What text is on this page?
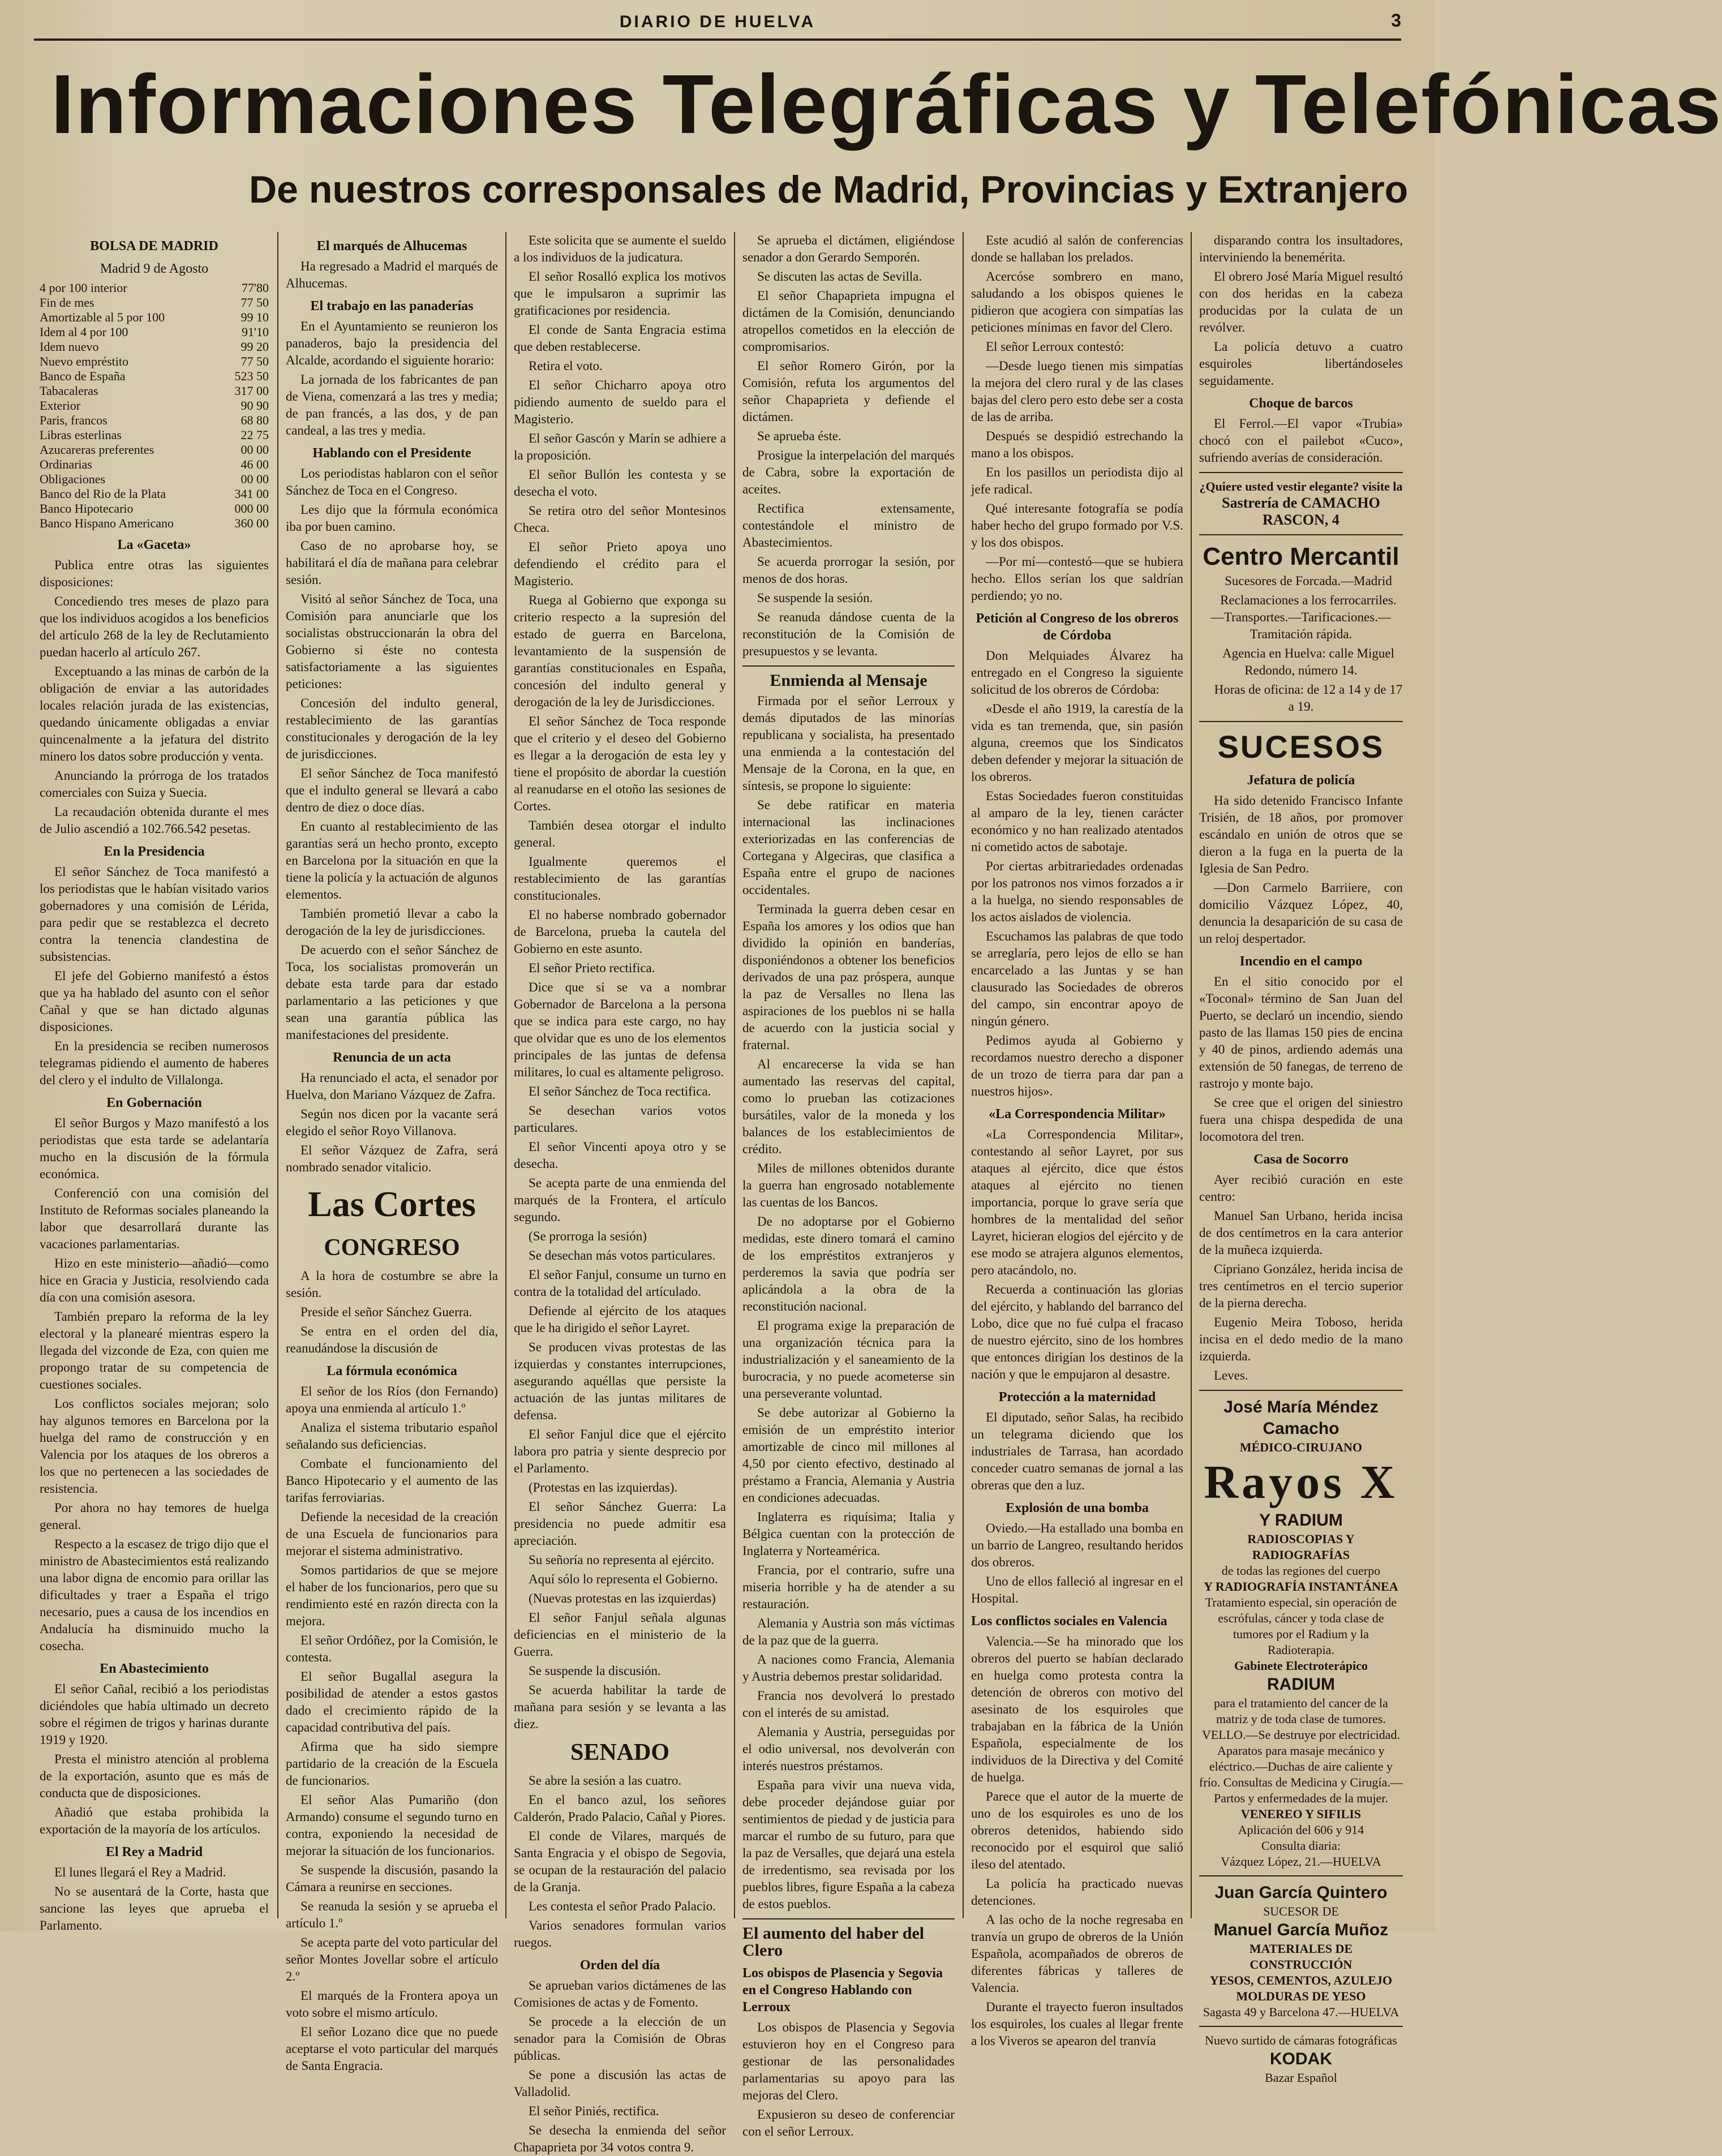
DIARIO DE HUELVA	3
Informaciones Telegráficas y Telefónicas
De nuestros corresponsales de Madrid, Provincias y Extranjero
BOLSA DE MADRID
Madrid 9 de Agosto
4 por 100 interior	77'80
Fin de mes	77 50
Amortizable al 5 por 100	99 10
Idem al 4 por 100	91'10
Idem nuevo	99 20
Nuevo empréstito	77 50
Banco de España	523 50
Tabacaleras	317 00
Exterior	90 90
Paris, francos	68 80
Libras esterlinas	22 75
Azucareras preferentes	00 00
Ordinarias	46 00
Obligaciones	00 00
Banco del Rio de la Plata	341 00
Banco Hipotecario	000 00
Banco Hispano Americano	360 00
La «Gaceta»

Publica entre otras las siguientes disposiciones:

Concediendo tres meses de plazo para que los individuos acogidos a los beneficios del artículo 268 de la ley de Reclutamiento puedan hacerlo al artículo 267.

Exceptuando a las minas de carbón de la obligación de enviar a las autoridades locales relación jurada de las existencias, quedando únicamente obligadas a enviar quincenalmente a la jefatura del distrito minero los datos sobre producción y venta.

Anunciando la prórroga de los tratados comerciales con Suiza y Suecia.

La recaudación obtenida durante el mes de Julio ascendió a 102.766.542 pesetas.

En la Presidencia

El señor Sánchez de Toca manifestó a los periodistas que le habían visitado varios gobernadores y una comisión de Lérida, para pedir que se restablezca el decreto contra la tenencia clandestina de subsistencias.

El jefe del Gobierno manifestó a éstos que ya ha hablado del asunto con el señor Cañal y que se han dictado algunas disposiciones.

En la presidencia se reciben numerosos telegramas pidiendo el aumento de haberes del clero y el indulto de Villalonga.

En Gobernación

El señor Burgos y Mazo manifestó a los periodistas que esta tarde se adelantaría mucho en la discusión de la fórmula económica.

Conferenció con una comisión del Instituto de Reformas sociales planeando la labor que desarrollará durante las vacaciones parlamentarias.

Hizo en este ministerio—añadió—como hice en Gracia y Justicia, resolviendo cada día con una comisión asesora.

También preparo la reforma de la ley electoral y la planearé mientras espero la llegada del vizconde de Eza, con quien me propongo tratar de su competencia de cuestiones sociales.

Los conflictos sociales mejoran; solo hay algunos temores en Barcelona por la huelga del ramo de construcción y en Valencia por los ataques de los obreros a los que no pertenecen a las sociedades de resistencia.

Por ahora no hay temores de huelga general.

Respecto a la escasez de trigo dijo que el ministro de Abastecimientos está realizando una labor digna de encomio para orillar las dificultades y traer a España el trigo necesario, pues a causa de los incendios en Andalucía ha disminuido mucho la cosecha.

En Abastecimiento

El señor Cañal, recibió a los periodistas diciéndoles que había ultimado un decreto sobre el régimen de trigos y harinas durante 1919 y 1920.

Presta el ministro atención al problema de la exportación, asunto que es más de conducta que de disposiciones.

Añadió que estaba prohibida la exportación de la mayoría de los artículos.

El Rey a Madrid

El lunes llegará el Rey a Madrid.

No se ausentará de la Corte, hasta que sancione las leyes que aprueba el Parlamento.

El marqués de Alhucemas

Ha regresado a Madrid el marqués de Alhucemas.

El trabajo en las panaderías

En el Ayuntamiento se reunieron los panaderos, bajo la presidencia del Alcalde, acordando el siguiente horario:

La jornada de los fabricantes de pan de Viena, comenzará a las tres y media; de pan francés, a las dos, y de pan candeal, a las tres y media.

Hablando con el Presidente

Los periodistas hablaron con el señor Sánchez de Toca en el Congreso.

Les dijo que la fórmula económica iba por buen camino.

Caso de no aprobarse hoy, se habilitará el día de mañana para celebrar sesión.

Visitó al señor Sánchez de Toca, una Comisión para anunciarle que los socialistas obstruccionarán la obra del Gobierno si éste no contesta satisfactoriamente a las siguientes peticiones:

Concesión del indulto general, restablecimiento de las garantías constitucionales y derogación de la ley de jurisdicciones.

El señor Sánchez de Toca manifestó que el indulto general se llevará a cabo dentro de diez o doce días.

En cuanto al restablecimiento de las garantías será un hecho pronto, excepto en Barcelona por la situación en que la tiene la policía y la actuación de algunos elementos.

También prometió llevar a cabo la derogación de la ley de jurisdicciones.

De acuerdo con el señor Sánchez de Toca, los socialistas promoverán un debate esta tarde para dar estado parlamentario a las peticiones y que sean una garantía pública las manifestaciones del presidente.

Renuncia de un acta

Ha renunciado el acta, el senador por Huelva, don Mariano Vázquez de Zafra.

Según nos dicen por la vacante será elegido el señor Royo Villanova.

El señor Vázquez de Zafra, será nombrado senador vitalicio.

Las Cortes
CONGRESO

A la hora de costumbre se abre la sesión.

Preside el señor Sánchez Guerra.

Se entra en el orden del día, reanudándose la discusión de

La fórmula económica

El señor de los Ríos (don Fernando) apoya una enmienda al artículo 1.º

Analiza el sistema tributario español señalando sus deficiencias.

Combate el funcionamiento del Banco Hipotecario y el aumento de las tarifas ferroviarias.

Defiende la necesidad de la creación de una Escuela de funcionarios para mejorar el sistema administrativo.

Somos partidarios de que se mejore el haber de los funcionarios, pero que su rendimiento esté en razón directa con la mejora.

El señor Ordóñez, por la Comisión, le contesta.

El señor Bugallal asegura la posibilidad de atender a estos gastos dado el crecimiento rápido de la capacidad contributiva del país.

Afirma que ha sido siempre partidario de la creación de la Escuela de funcionarios.

El señor Alas Pumariño (don Armando) consume el segundo turno en contra, exponiendo la necesidad de mejorar la situación de los funcionarios.

Se suspende la discusión, pasando la Cámara a reunirse en secciones.

Se reanuda la sesión y se aprueba el artículo 1.º

Se acepta parte del voto particular del señor Montes Jovellar sobre el artículo 2.º

El marqués de la Frontera apoya un voto sobre el mismo artículo.

El señor Lozano dice que no puede aceptarse el voto particular del marqués de Santa Engracia.

Este solicita que se aumente el sueldo a los individuos de la judicatura.

El señor Rosalló explica los motivos que le impulsaron a suprimir las gratificaciones por residencia.

El conde de Santa Engracia estima que deben restablecerse.

Retira el voto.

El señor Chicharro apoya otro pidiendo aumento de sueldo para el Magisterio.

El señor Gascón y Marín se adhiere a la proposición.

El señor Bullón les contesta y se desecha el voto.

Se retira otro del señor Montesinos Checa.

El señor Prieto apoya uno defendiendo el crédito para el Magisterio.

Ruega al Gobierno que exponga su criterio respecto a la supresión del estado de guerra en Barcelona, levantamiento de la suspensión de garantías constitucionales en España, concesión del indulto general y derogación de la ley de Jurisdicciones.

El señor Sánchez de Toca responde que el criterio y el deseo del Gobierno es llegar a la derogación de esta ley y tiene el propósito de abordar la cuestión al reanudarse en el otoño las sesiones de Cortes.

También desea otorgar el indulto general.

Igualmente queremos el restablecimiento de las garantías constitucionales.

El no haberse nombrado gobernador de Barcelona, prueba la cautela del Gobierno en este asunto.

El señor Prieto rectifica.

Dice que si se va a nombrar Gobernador de Barcelona a la persona que se indica para este cargo, no hay que olvidar que es uno de los elementos principales de las juntas de defensa militares, lo cual es altamente peligroso.

El señor Sánchez de Toca rectifica.

Se desechan varios votos particulares.

El señor Vincenti apoya otro y se desecha.

Se acepta parte de una enmienda del marqués de la Frontera, el artículo segundo.

(Se prorroga la sesión)

Se desechan más votos particulares.

El señor Fanjul, consume un turno en contra de la totalidad del artículado.

Defiende al ejército de los ataques que le ha dirigido el señor Layret.

Se producen vivas protestas de las izquierdas y constantes interrupciones, asegurando aquéllas que persiste la actuación de las juntas militares de defensa.

El señor Fanjul dice que el ejército labora pro patria y siente desprecio por el Parlamento.

(Protestas en las izquierdas).

El señor Sánchez Guerra: La presidencia no puede admitir esa apreciación.

Su señoría no representa al ejército.

Aquí sólo lo representa el Gobierno.

(Nuevas protestas en las izquierdas)

El señor Fanjul señala algunas deficiencias en el ministerio de la Guerra.

Se suspende la discusión.

Se acuerda habilitar la tarde de mañana para sesión y se levanta a las diez.

SENADO

Se abre la sesión a las cuatro.

En el banco azul, los señores Calderón, Prado Palacio, Cañal y Piores.

El conde de Vilares, marqués de Santa Engracia y el obispo de Segovia, se ocupan de la restauración del palacio de la Granja.

Les contesta el señor Prado Palacio.

Varios senadores formulan varios ruegos.

Orden del día

Se aprueban varios dictámenes de las Comisiones de actas y de Fomento.

Se procede a la elección de un senador para la Comisión de Obras públicas.

Se pone a discusión las actas de Valladolid.

El señor Piniés, rectifica.

Se desecha la enmienda del señor Chapaprieta por 34 votos contra 9.

Se aprueba el dictámen, eligiéndose senador a don Gerardo Semporén.

Se discuten las actas de Sevilla.

El señor Chapaprieta impugna el dictámen de la Comisión, denunciando atropellos cometidos en la elección de compromisarios.

El señor Romero Girón, por la Comisión, refuta los argumentos del señor Chapaprieta y defiende el dictámen.

Se aprueba éste.

Prosigue la interpelación del marqués de Cabra, sobre la exportación de aceites.

Rectifica extensamente, contestándole el ministro de Abastecimientos.

Se acuerda prorrogar la sesión, por menos de dos horas.

Se suspende la sesión.

Se reanuda dándose cuenta de la reconstitución de la Comisión de presupuestos y se levanta.

Enmienda al Mensaje

Firmada por el señor Lerroux y demás diputados de las minorías republicana y socialista, ha presentado una enmienda a la contestación del Mensaje de la Corona, en la que, en síntesis, se propone lo siguiente:

Se debe ratificar en materia internacional las inclinaciones exteriorizadas en las conferencias de Cortegana y Algeciras, que clasifica a España entre el grupo de naciones occidentales.

Terminada la guerra deben cesar en España los amores y los odios que han dividido la opinión en banderías, disponiéndonos a obtener los beneficios derivados de una paz próspera, aunque la paz de Versalles no llena las aspiraciones de los pueblos ni se halla de acuerdo con la justicia social y fraternal.

Al encarecerse la vida se han aumentado las reservas del capital, como lo prueban las cotizaciones bursátiles, valor de la moneda y los balances de los establecimientos de crédito.

Miles de millones obtenidos durante la guerra han engrosado notablemente las cuentas de los Bancos.

De no adoptarse por el Gobierno medidas, este dinero tomará el camino de los empréstitos extranjeros y perderemos la savia que podría ser aplicándola a la obra de la reconstitución nacional.

El programa exige la preparación de una organización técnica para la industrialización y el saneamiento de la burocracia, y no puede acometerse sin una perseverante voluntad.

Se debe autorizar al Gobierno la emisión de un empréstito interior amortizable de cinco mil millones al 4,50 por ciento efectivo, destinado al préstamo a Francia, Alemania y Austria en condiciones adecuadas.

Inglaterra es riquísima; Italia y Bélgica cuentan con la protección de Inglaterra y Norteamérica.

Francia, por el contrario, sufre una miseria horrible y ha de atender a su restauración.

Alemania y Austria son más víctimas de la paz que de la guerra.

A naciones como Francia, Alemania y Austria debemos prestar solidaridad.

Francia nos devolverá lo prestado con el interés de su amistad.

Alemania y Austria, perseguidas por el odio universal, nos devolverán con interés nuestros préstamos.

España para vivir una nueva vida, debe proceder dejándose guiar por sentimientos de piedad y de justicia para marcar el rumbo de su futuro, para que la paz de Versalles, que dejará una estela de irredentismo, sea revisada por los pueblos libres, figure España a la cabeza de estos pueblos.

El aumento del haber del Clero
Los obispos de Plasencia y Segovia en el Congreso Hablando con Lerroux

Los obispos de Plasencia y Segovia estuvieron hoy en el Congreso para gestionar de las personalidades parlamentarias su apoyo para las mejoras del Clero.

Expusieron su deseo de conferenciar con el señor Lerroux.

Este acudió al salón de conferencias donde se hallaban los prelados.

Acercóse sombrero en mano, saludando a los obispos quienes le pidieron que acogiera con simpatías las peticiones mínimas en favor del Clero.

El señor Lerroux contestó:

—Desde luego tienen mis simpatías la mejora del clero rural y de las clases bajas del clero pero esto debe ser a costa de las de arriba.

Después se despidió estrechando la mano a los obispos.

En los pasillos un periodista dijo al jefe radical.

Qué interesante fotografía se podía haber hecho del grupo formado por V.S. y los dos obispos.

—Por mí—contestó—que se hubiera hecho. Ellos serían los que saldrían perdiendo; yo no.

Petición al Congreso de los obreros de Córdoba

Don Melquiades Álvarez ha entregado en el Congreso la siguiente solicitud de los obreros de Córdoba:

«Desde el año 1919, la carestía de la vida es tan tremenda, que, sin pasión alguna, creemos que los Sindicatos deben defender y mejorar la situación de los obreros.

Estas Sociedades fueron constituidas al amparo de la ley, tienen carácter económico y no han realizado atentados ni cometido actos de sabotaje.

Por ciertas arbitrariedades ordenadas por los patronos nos vimos forzados a ir a la huelga, no siendo responsables de los actos aislados de violencia.

Escuchamos las palabras de que todo se arreglaría, pero lejos de ello se han encarcelado a las Juntas y se han clausurado las Sociedades de obreros del campo, sin encontrar apoyo de ningún género.

Pedimos ayuda al Gobierno y recordamos nuestro derecho a disponer de un trozo de tierra para dar pan a nuestros hijos».

«La Correspondencia Militar»

«La Correspondencia Militar», contestando al señor Layret, por sus ataques al ejército, dice que éstos ataques al ejército no tienen importancia, porque lo grave sería que hombres de la mentalidad del señor Layret, hicieran elogios del ejército y de ese modo se atrajera algunos elementos, pero atacándolo, no.

Recuerda a continuación las glorias del ejército, y hablando del barranco del Lobo, dice que no fué culpa el fracaso de nuestro ejército, sino de los hombres que entonces dirigían los destinos de la nación y que le empujaron al desastre.

Protección a la maternidad

El diputado, señor Salas, ha recibido un telegrama diciendo que los industriales de Tarrasa, han acordado conceder cuatro semanas de jornal a las obreras que den a luz.

Explosión de una bomba

Oviedo.—Ha estallado una bomba en un barrio de Langreo, resultando heridos dos obreros.

Uno de ellos falleció al ingresar en el Hospital.

Los conflictos sociales en Valencia

Valencia.—Se ha minorado que los obreros del puerto se habían declarado en huelga como protesta contra la detención de obreros con motivo del asesinato de los esquiroles que trabajaban en la fábrica de la Unión Española, especialmente de los individuos de la Directiva y del Comité de huelga.

Parece que el autor de la muerte de uno de los esquiroles es uno de los obreros detenidos, habiendo sido reconocido por el esquirol que salió ileso del atentado.

La policía ha practicado nuevas detenciones.

A las ocho de la noche regresaba en tranvía un grupo de obreros de la Unión Española, acompañados de obreros de diferentes fábricas y talleres de Valencia.

Durante el trayecto fueron insultados los esquiroles, los cuales al llegar frente a los Viveros se apearon del tranvía

disparando contra los insultadores, interviniendo la benemérita.

El obrero José María Miguel resultó con dos heridas en la cabeza producidas por la culata de un revólver.

La policía detuvo a cuatro esquiroles libertándoseles seguidamente.

Choque de barcos

El Ferrol.—El vapor «Trubia» chocó con el pailebot «Cuco», sufriendo averías de consideración.

¿Quiere usted vestir elegante? visite la
Sastrería de CAMACHO
RASCON, 4
Centro Mercantil

Sucesores de Forcada.—Madrid

Reclamaciones a los ferrocarriles.—Transportes.—Tarificaciones.—Tramitación rápida.

Agencia en Huelva: calle Miguel Redondo, número 14.

Horas de oficina: de 12 a 14 y de 17 a 19.

SUCESOS
Jefatura de policía

Ha sido detenido Francisco Infante Trisién, de 18 años, por promover escándalo en unión de otros que se dieron a la fuga en la puerta de la Iglesia de San Pedro.

—Don Carmelo Barriiere, con domicilio Vázquez López, 40, denuncia la desaparición de su casa de un reloj despertador.

Incendio en el campo

En el sitio conocido por el «Toconal» término de San Juan del Puerto, se declaró un incendio, siendo pasto de las llamas 150 pies de encina y 40 de pinos, ardiendo además una extensión de 50 fanegas, de terreno de rastrojo y monte bajo.

Se cree que el origen del siniestro fuera una chispa despedida de una locomotora del tren.

Casa de Socorro

Ayer recibió curación en este centro:

Manuel San Urbano, herida incisa de dos centímetros en la cara anterior de la muñeca izquierda.

Cipriano González, herida incisa de tres centímetros en el tercio superior de la pierna derecha.

Eugenio Meira Toboso, herida incisa en el dedo medio de la mano izquierda.

Leves.

José María Méndez Camacho
MÉDICO-CIRUJANO
Rayos X
Y RADIUM
RADIOSCOPIAS Y RADIOGRAFÍAS
de todas las regiones del cuerpo
Y RADIOGRAFÍA INSTANTÁNEA
Tratamiento especial, sin operación de escrófulas, cáncer y toda clase de tumores por el Radium y la Radioterapia.
Gabinete Electroterápico
RADIUM
para el tratamiento del cancer de la matriz y de toda clase de tumores.
VELLO.—Se destruye por electricidad. Aparatos para masaje mecánico y eléctrico.—Duchas de aire caliente y frío. Consultas de Medicina y Cirugía.—Partos y enfermedades de la mujer.
VENEREO Y SIFILIS
Aplicación del 606 y 914
Consulta diaria:
Vázquez López, 21.—HUELVA
Juan García Quintero
SUCESOR DE
Manuel García Muñoz
MATERIALES DE CONSTRUCCIÓN
YESOS, CEMENTOS, AZULEJO
MOLDURAS DE YESO
Sagasta 49 y Barcelona 47.—HUELVA
Nuevo surtido de cámaras fotográficas
KODAK
Bazar Español
